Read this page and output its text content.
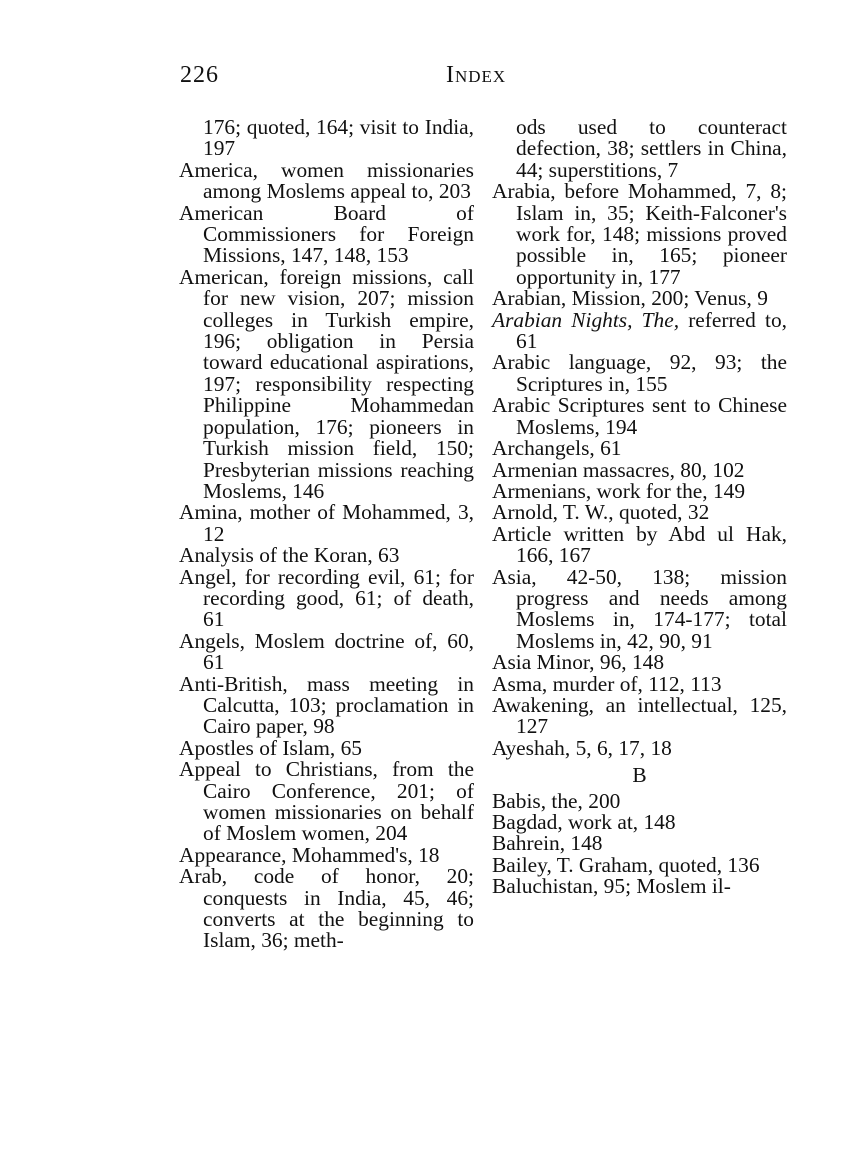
226	Index

176; quoted, 164; visit to India, 197

America, women missionaries among Moslems appeal to, 203

American Board of Commissioners for Foreign Missions, 147, 148, 153

American, foreign missions, call for new vision, 207; mission colleges in Turkish empire, 196; obligation in Persia toward educational aspirations, 197; responsibility respecting Philippine Mohammedan population, 176; pioneers in Turkish mission field, 150; Presbyterian missions reaching Moslems, 146

Amina, mother of Mohammed, 3, 12

Analysis of the Koran, 63

Angel, for recording evil, 61; for recording good, 61; of death, 61

Angels, Moslem doctrine of, 60, 61

Anti-British, mass meeting in Calcutta, 103; proclamation in Cairo paper, 98

Apostles of Islam, 65

Appeal to Christians, from the Cairo Conference, 201; of women missionaries on behalf of Moslem women, 204

Appearance, Mohammed's, 18

Arab, code of honor, 20; conquests in India, 45, 46; converts at the beginning to Islam, 36; meth-

ods used to counteract defection, 38; settlers in China, 44; superstitions, 7

Arabia, before Mohammed, 7, 8; Islam in, 35; Keith-Falconer's work for, 148; missions proved possible in, 165; pioneer opportunity in, 177

Arabian, Mission, 200; Venus, 9

Arabian Nights, The, referred to, 61

Arabic language, 92, 93; the Scriptures in, 155

Arabic Scriptures sent to Chinese Moslems, 194

Archangels, 61

Armenian massacres, 80, 102

Armenians, work for the, 149

Arnold, T. W., quoted, 32

Article written by Abd ul Hak, 166, 167

Asia, 42-50, 138; mission progress and needs among Moslems in, 174-177; total Moslems in, 42, 90, 91

Asia Minor, 96, 148

Asma, murder of, 112, 113

Awakening, an intellectual, 125, 127

Ayeshah, 5, 6, 17, 18

B

Babis, the, 200

Bagdad, work at, 148

Bahrein, 148

Bailey, T. Graham, quoted, 136

Baluchistan, 95; Moslem il-
